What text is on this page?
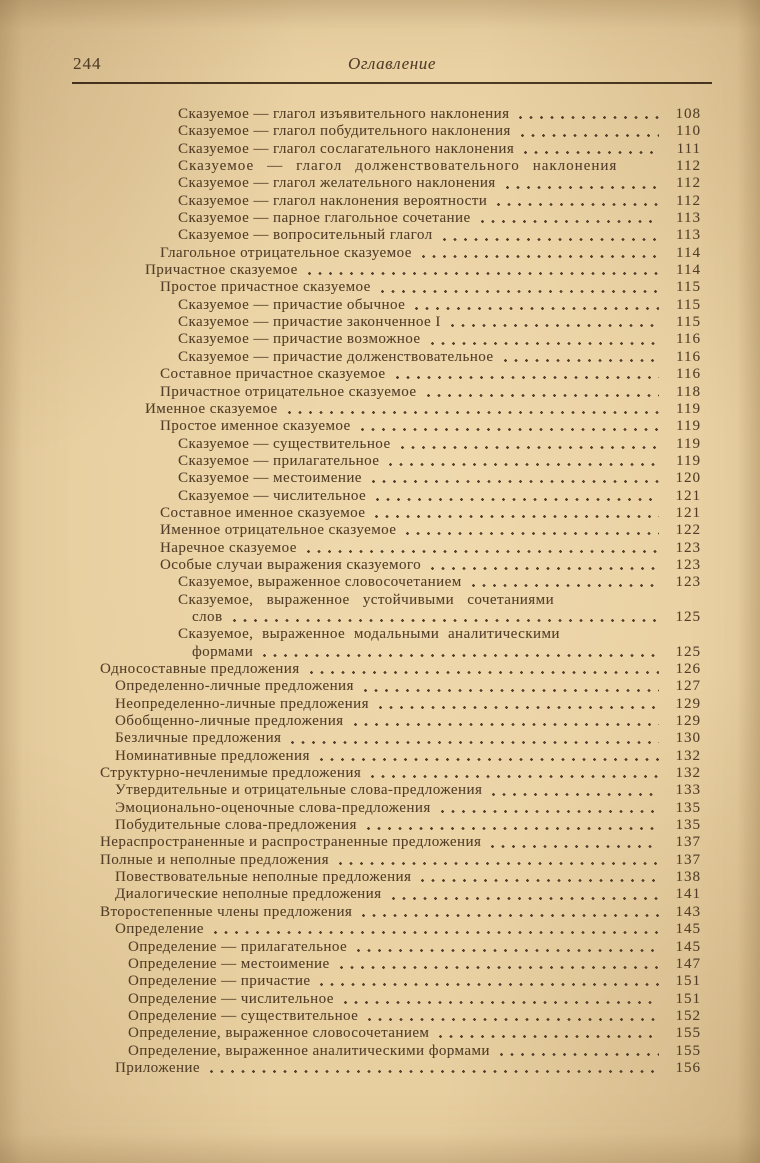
244	Оглавление
Сказуемое — глагол изъявительного наклонения	108
Сказуемое — глагол побудительного наклонения	110
Сказуемое — глагол сослагательного наклонения	111
Сказуемое — глагол долженствовательного наклонения	112
Сказуемое — глагол желательного наклонения	112
Сказуемое — глагол наклонения вероятности	112
Сказуемое — парное глагольное сочетание	113
Сказуемое — вопросительный глагол	113
Глагольное отрицательное сказуемое	114
Причастное сказуемое	114
Простое причастное сказуемое	115
Сказуемое — причастие обычное	115
Сказуемое — причастие законченное I	115
Сказуемое — причастие возможное	116
Сказуемое — причастие долженствовательное	116
Составное причастное сказуемое	116
Причастное отрицательное сказуемое	118
Именное сказуемое	119
Простое именное сказуемое	119
Сказуемое — существительное	119
Сказуемое — прилагательное	119
Сказуемое — местоимение	120
Сказуемое — числительное	121
Составное именное сказуемое	121
Именное отрицательное сказуемое	122
Наречное сказуемое	123
Особые случаи выражения сказуемого	123
Сказуемое, выраженное словосочетанием	123
Сказуемое, выраженное устойчивыми сочетаниями
слов	125
Сказуемое, выраженное модальными аналитическими
формами	125
Односоставные предложения	126
Определенно-личные предложения	127
Неопределенно-личные предложения	129
Обобщенно-личные предложения	129
Безличные предложения	130
Номинативные предложения	132
Структурно-нечленимые предложения	132
Утвердительные и отрицательные слова-предложения	133
Эмоционально-оценочные слова-предложения	135
Побудительные слова-предложения	135
Нераспространенные и распространенные предложения	137
Полные и неполные предложения	137
Повествовательные неполные предложения	138
Диалогические неполные предложения	141
Второстепенные члены предложения	143
Определение	145
Определение — прилагательное	145
Определение — местоимение	147
Определение — причастие	151
Определение — числительное	151
Определение — существительное	152
Определение, выраженное словосочетанием	155
Определение, выраженное аналитическими формами	155
Приложение	156
